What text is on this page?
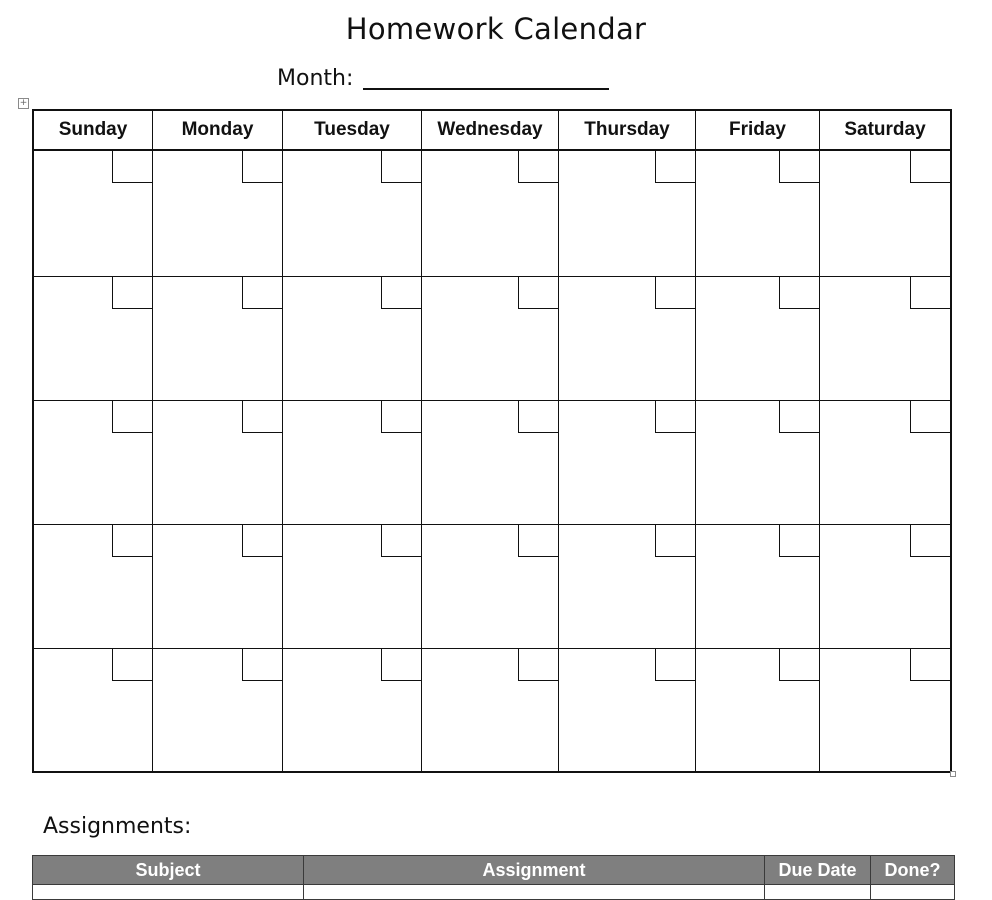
Homework Calendar
Month:
+
Sunday	Monday	Tuesday	Wednesday	Thursday	Friday	Saturday
Assignments:
Subject	Assignment	Due Date	Done?
